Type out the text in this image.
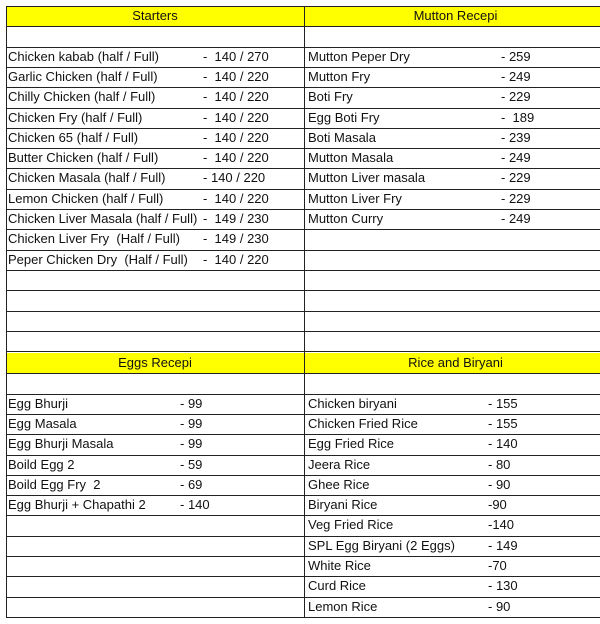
Starters	Mutton Recepi
Eggs Recepi	Rice and Biryani
Chicken kabab (half / Full)	-  140 / 270
Garlic Chicken (half / Full)	-  140 / 220
Chilly Chicken (half / Full)	-  140 / 220
Chicken Fry (half / Full)	-  140 / 220
Chicken 65 (half / Full)	-  140 / 220
Butter Chicken (half / Full)	-  140 / 220
Chicken Masala (half / Full)	- 140 / 220
Lemon Chicken (half / Full)	-  140 / 220
Chicken Liver Masala (half / Full) -  149 / 230
Chicken Liver Fry  (Half / Full) -  149 / 230
Peper Chicken Dry  (Half / Full) -  140 / 220
Mutton Peper Dry	- 259
Mutton Fry	- 249
Boti Fry	- 229
Egg Boti Fry	-  189
Boti Masala	- 239
Mutton Masala	- 249
Mutton Liver masala	- 229
Mutton Liver Fry	- 229
Mutton Curry	- 249
Egg Bhurji	- 99
Egg Masala	- 99
Egg Bhurji Masala	- 99
Boild Egg 2	- 59
Boild Egg Fry  2	- 69
Egg Bhurji + Chapathi 2	- 140
Chicken biryani	- 155
Chicken Fried Rice	- 155
Egg Fried Rice	- 140
Jeera Rice	- 80
Ghee Rice	- 90
Biryani Rice	-90
Veg Fried Rice	-140
SPL Egg Biryani (2 Eggs)	- 149
White Rice	-70
Curd Rice	- 130
Lemon Rice	- 90
